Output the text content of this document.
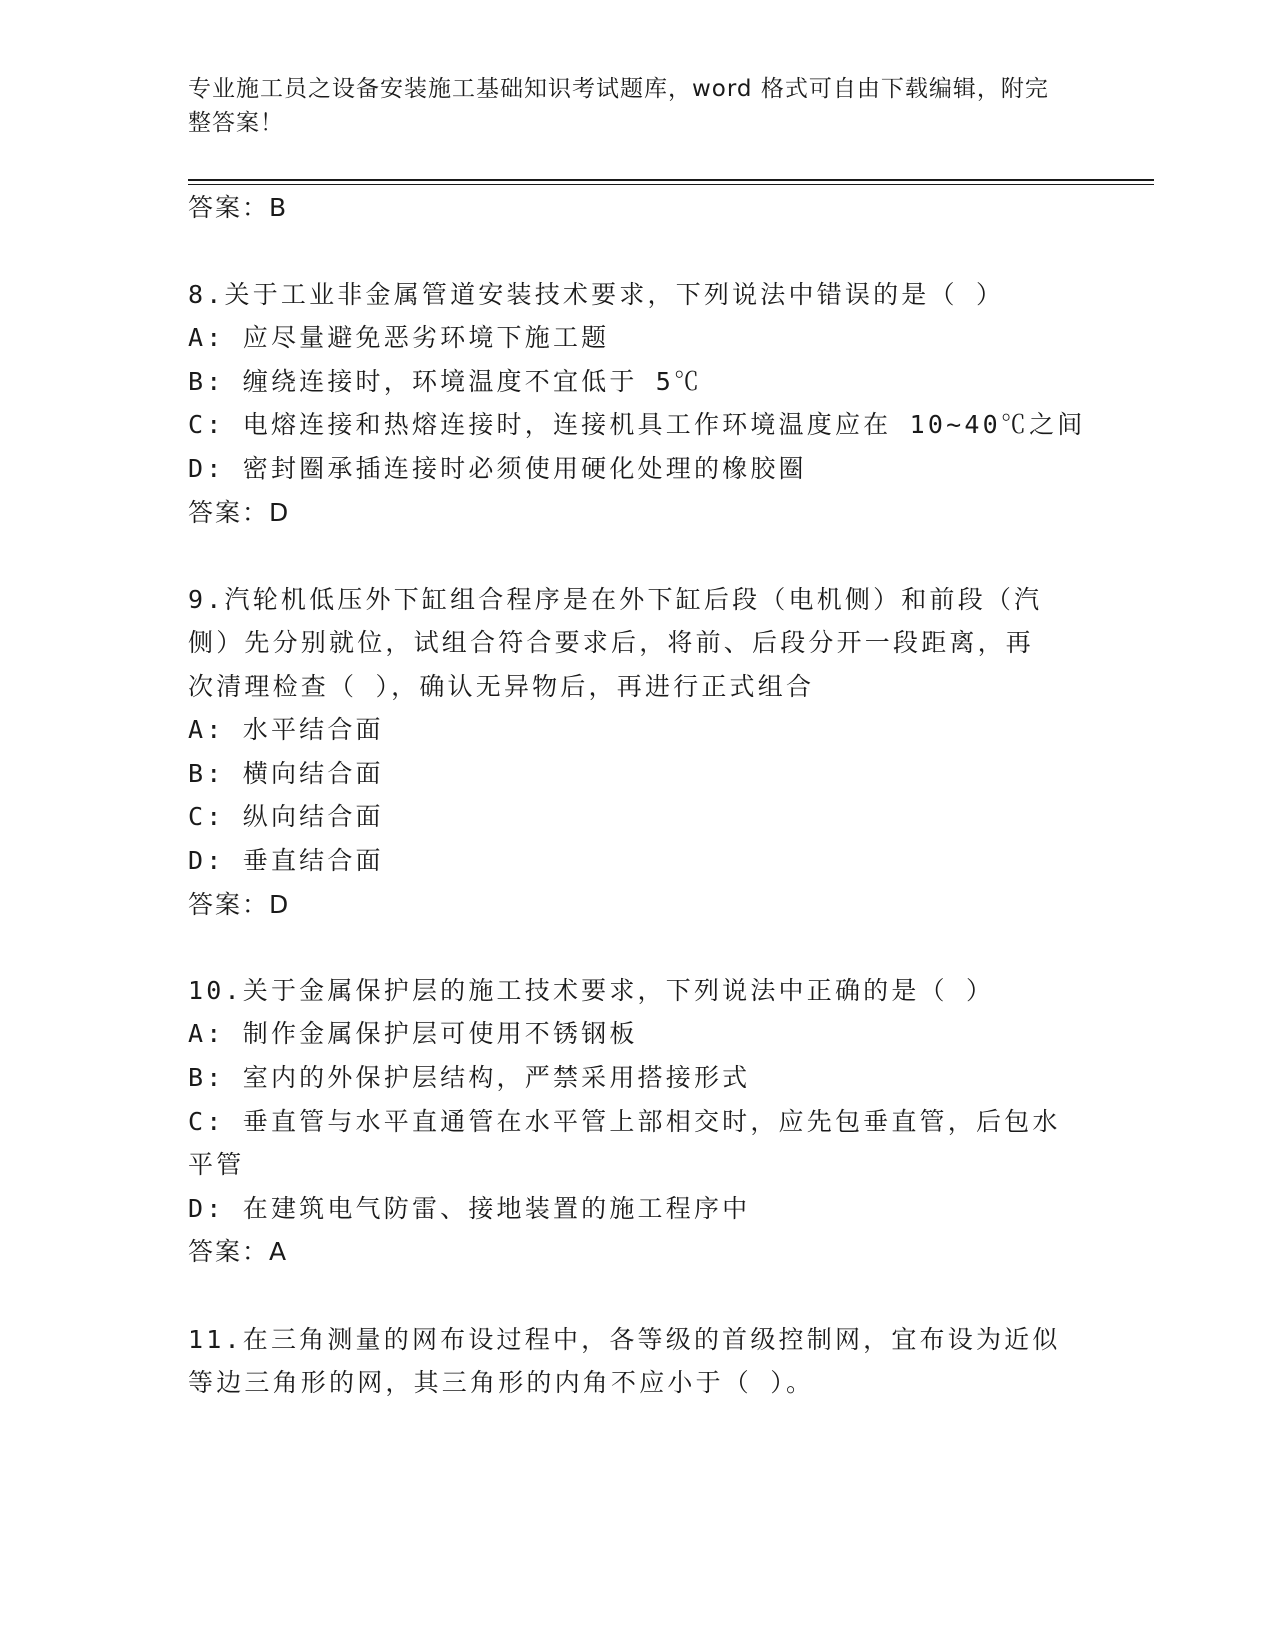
专业施工员之设备安装施工基础知识考试题库，word 格式可自由下载编辑，附完整答案！
答案：B
8.关于工业非金属管道安装技术要求，下列说法中错误的是（ ）
A: 应尽量避免恶劣环境下施工题
B: 缠绕连接时，环境温度不宜低于 5℃
C: 电熔连接和热熔连接时，连接机具工作环境温度应在 10~40℃之间
D: 密封圈承插连接时必须使用硬化处理的橡胶圈
答案：D
9.汽轮机低压外下缸组合程序是在外下缸后段（电机侧）和前段（汽
侧）先分别就位，试组合符合要求后，将前、后段分开一段距离，再
次清理检查（ ），确认无异物后，再进行正式组合
A: 水平结合面
B: 横向结合面
C: 纵向结合面
D: 垂直结合面
答案：D
10.关于金属保护层的施工技术要求，下列说法中正确的是（ ）
A: 制作金属保护层可使用不锈钢板
B: 室内的外保护层结构，严禁采用搭接形式
C: 垂直管与水平直通管在水平管上部相交时，应先包垂直管，后包水
平管
D: 在建筑电气防雷、接地装置的施工程序中
答案：A
11.在三角测量的网布设过程中，各等级的首级控制网，宜布设为近似
等边三角形的网，其三角形的内角不应小于（ ）。
